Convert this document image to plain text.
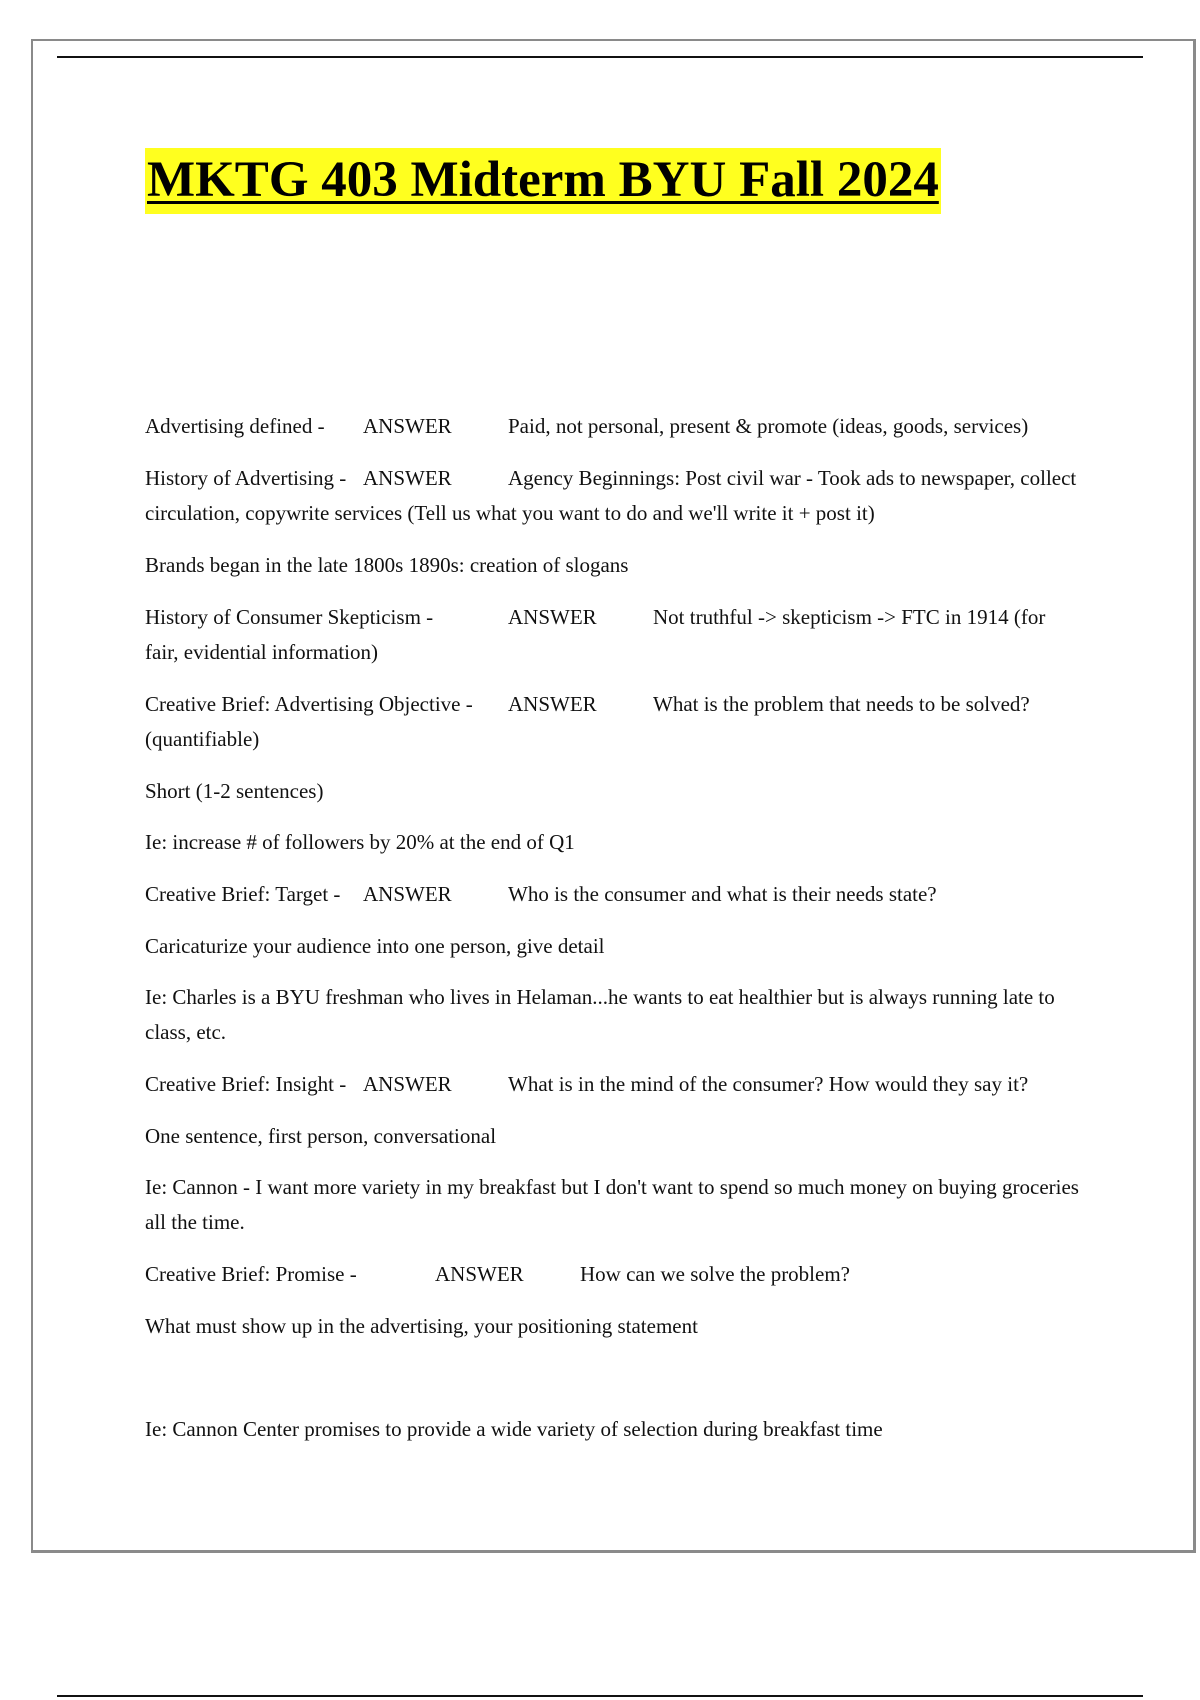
MKTG 403 Midterm BYU Fall 2024

Advertising defined - ANSWER	Paid, not personal, present & promote (ideas, goods, services)

History of Advertising - ANSWER	Agency Beginnings: Post civil war - Took ads to newspaper, collect circulation, copywrite services (Tell us what you want to do and we'll write it + post it)

Brands began in the late 1800s 1890s: creation of slogans

History of Consumer Skepticism -	ANSWER	Not truthful -> skepticism -> FTC in 1914 (for fair, evidential information)

Creative Brief: Advertising Objective - ANSWER	What is the problem that needs to be solved? (quantifiable)

Short (1-2 sentences)

Ie: increase # of followers by 20% at the end of Q1

Creative Brief: Target - ANSWER	Who is the consumer and what is their needs state?

Caricaturize your audience into one person, give detail

Ie: Charles is a BYU freshman who lives in Helaman...he wants to eat healthier but is always running late to class, etc.

Creative Brief: Insight - ANSWER	What is in the mind of the consumer? How would they say it?

One sentence, first person, conversational

Ie: Cannon - I want more variety in my breakfast but I don't want to spend so much money on buying groceries all the time.

Creative Brief: Promise -	ANSWER	How can we solve the problem?

What must show up in the advertising, your positioning statement

Ie: Cannon Center promises to provide a wide variety of selection during breakfast time
